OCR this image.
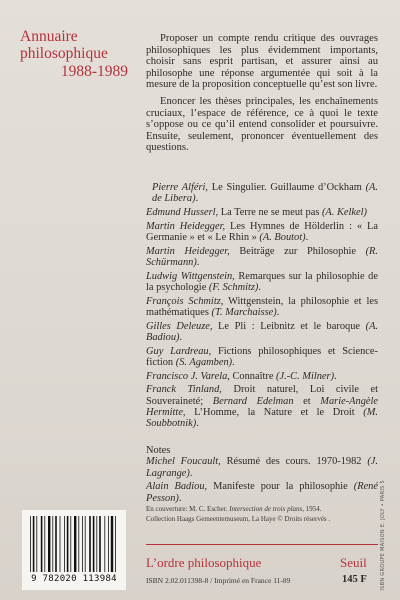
Annuaire
philosophique
1988-1989

Proposer un compte rendu critique des ouvrages philosophiques les plus évidemment importants, choisir sans esprit partisan, et assurer ainsi au philosophe une réponse argumentée qui soit à la mesure de la proposition conceptuelle qu’est son livre.

Enoncer les thèses principales, les enchaînements cruciaux, l’espace de référence, ce à quoi le texte s’oppose ou ce qu’il entend consolider et poursuivre. Ensuite, seulement, prononcer éventuellement des questions.

Pierre Alféri, Le Singulier. Guillaume d’Ockham (A. de Libera).
Edmund Husserl, La Terre ne se meut pas (A. Kelkel)
Martin Heidegger, Les Hymnes de Hölderlin : « La Germanie » et « Le Rhin » (A. Boutot).
Martin Heidegger, Beiträge zur Philosophie (R. Schürmann).
Ludwig Wittgenstein, Remarques sur la philosophie de la psychologie (F. Schmitz).
François Schmitz, Wittgenstein, la philosophie et les mathématiques (T. Marchaisse).
Gilles Deleuze, Le Pli : Leibnitz et le baroque (A. Badiou).
Guy Lardreau, Fictions philosophiques et Science-fiction (S. Agamben).
Francisco J. Varela, Connaître (J.-C. Milner).
Franck Tinland, Droit naturel, Loi civile et Souveraineté; Bernard Edelman et Marie-Angèle Hermitte, L’Homme, la Nature et le Droit (M. Soubbotnik).
Notes
Michel Foucault, Résumé des cours. 1970-1982 (J. Lagrange).
Alain Badiou, Manifeste pour la philosophie (René Pesson).
9 782020 113984
En couverture: M. C. Escher. Intersection de trois plans, 1954.
Collection Haags Gemeentemuseum, La Haye © Droits réservés .
L’ordre philosophique	Seuil
ISBN 2.02.011398-8 / Imprimé en France 11-89	145 F	ISBN GROUPE MAISON E. JOLY • PARIS 5
